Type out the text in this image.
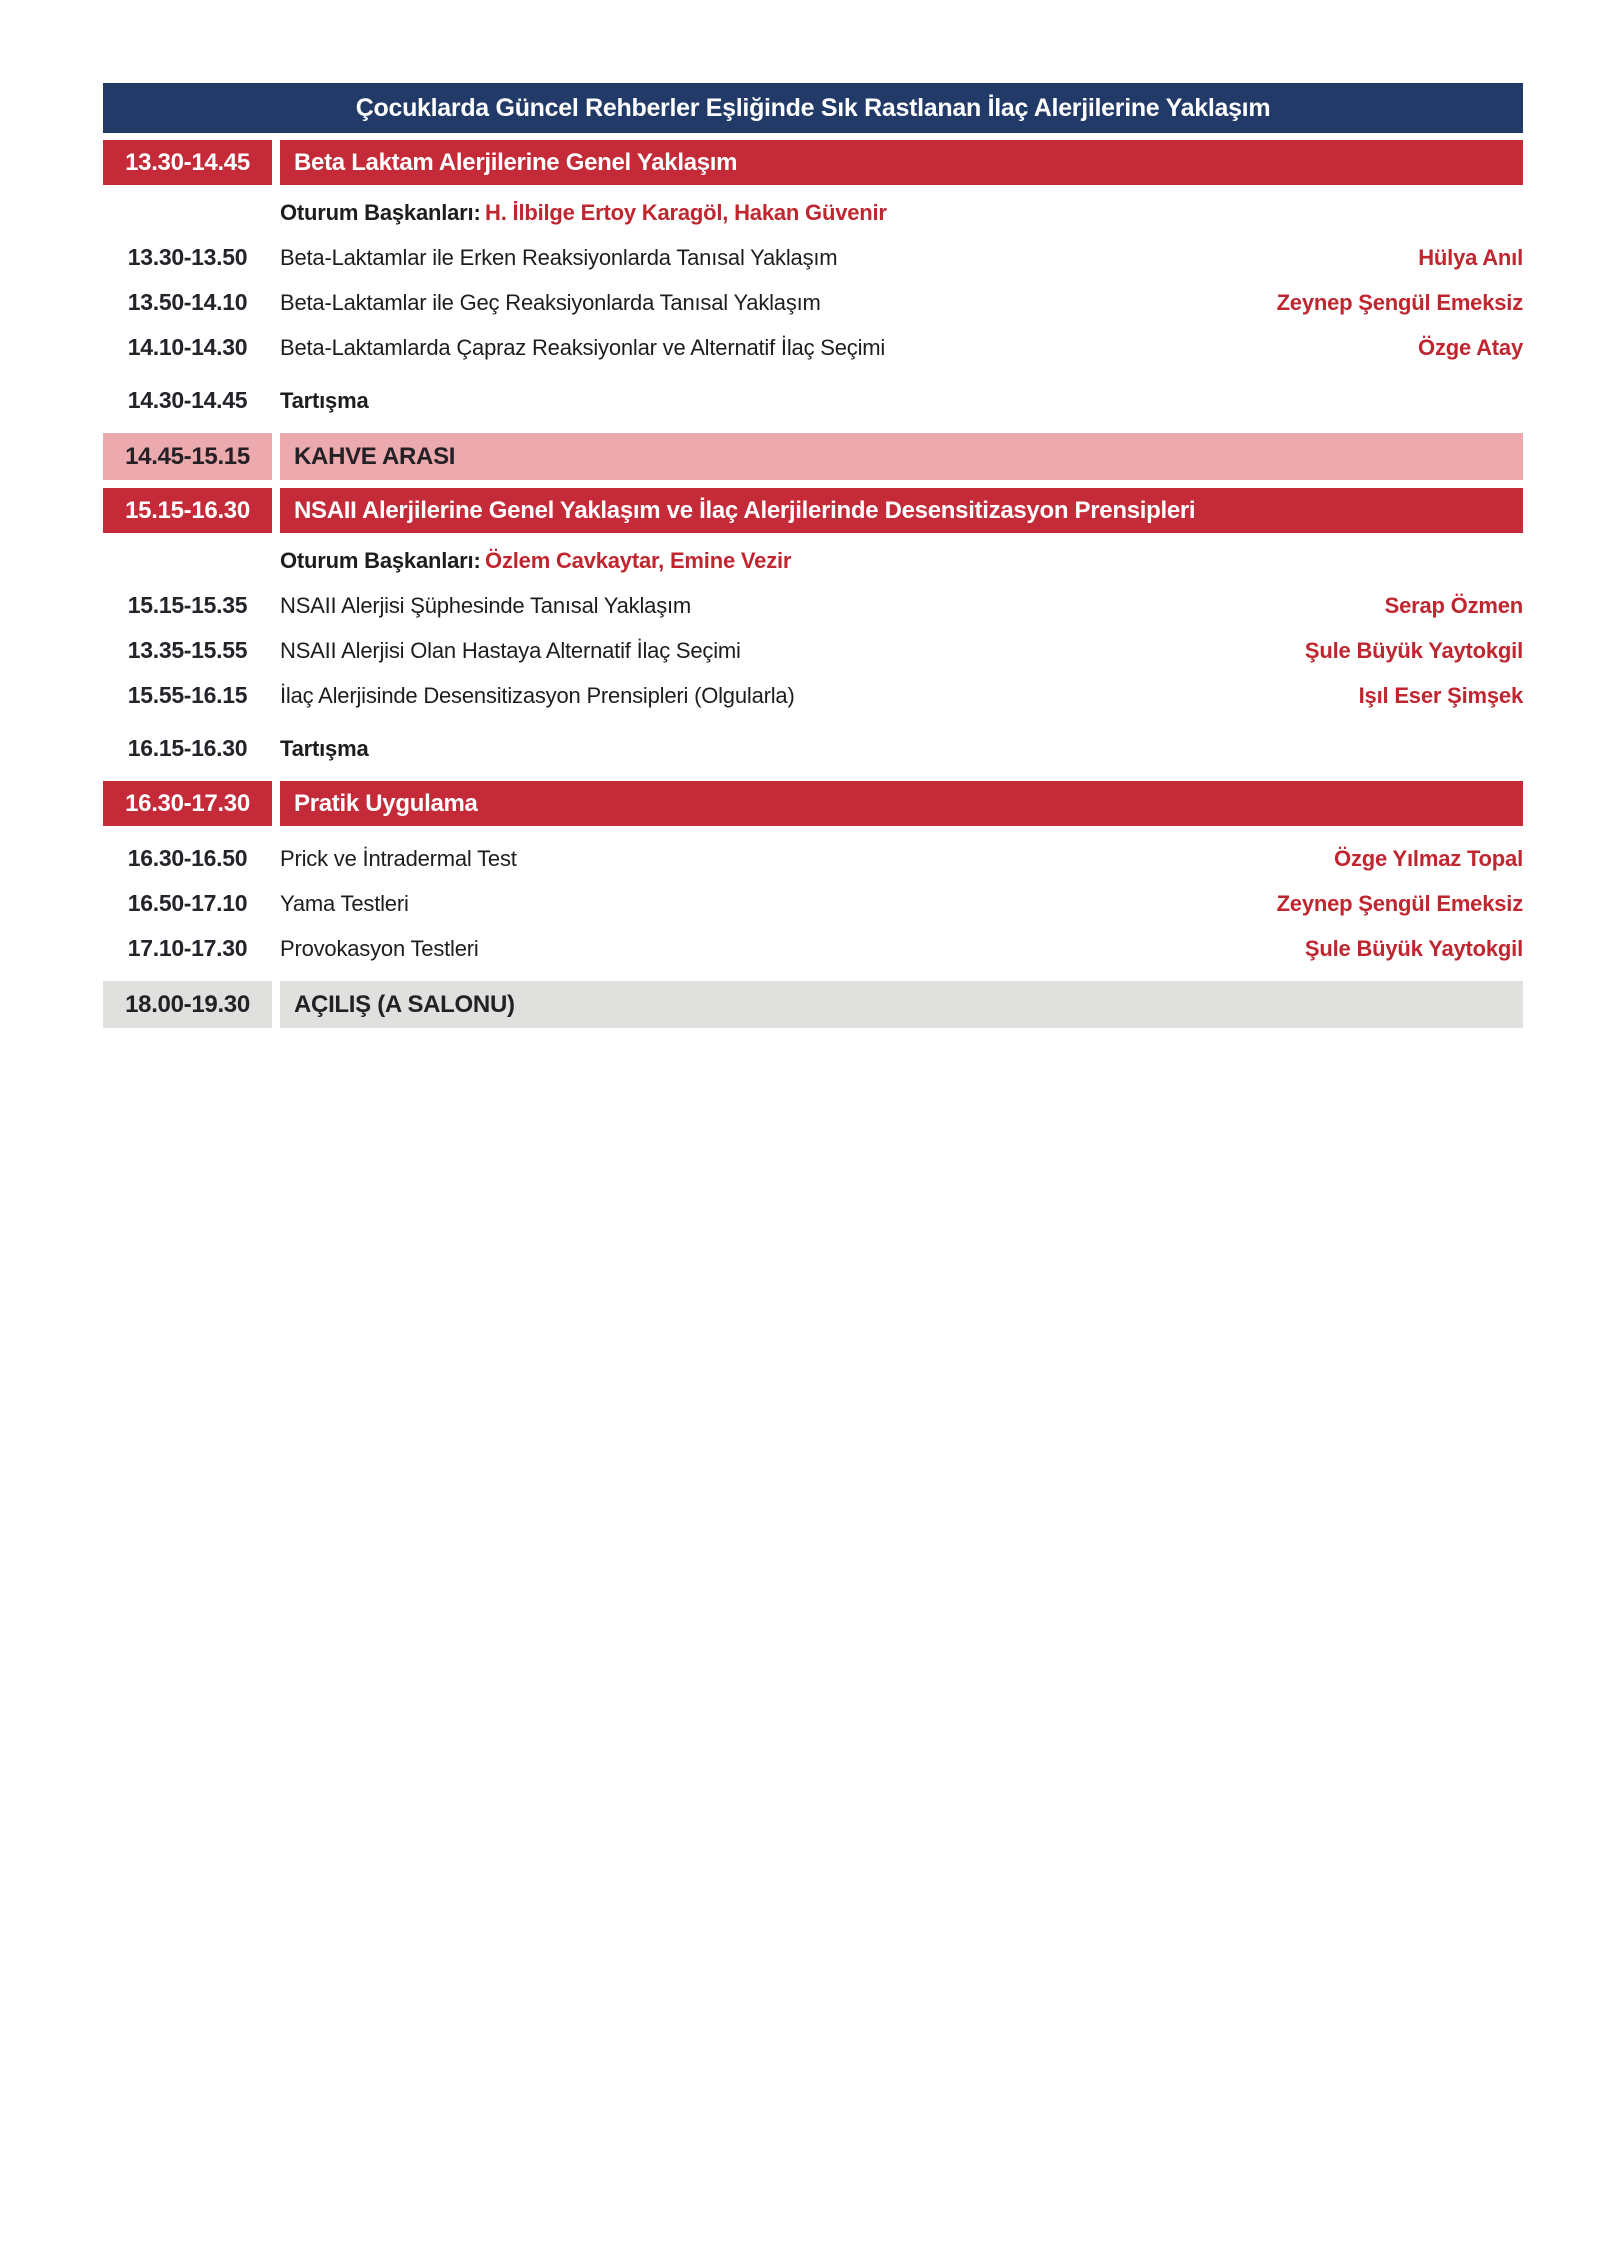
Çocuklarda Güncel Rehberler Eşliğinde Sık Rastlanan İlaç Alerjilerine Yaklaşım
13.30-14.45	Beta Laktam Alerjilerine Genel Yaklaşım
Oturum Başkanları: H. İlbilge Ertoy Karagöl, Hakan Güvenir
13.30-13.50	Beta-Laktamlar ile Erken Reaksiyonlarda Tanısal Yaklaşım	Hülya Anıl
13.50-14.10	Beta-Laktamlar ile Geç Reaksiyonlarda Tanısal Yaklaşım	Zeynep Şengül Emeksiz
14.10-14.30	Beta-Laktamlarda Çapraz Reaksiyonlar ve Alternatif İlaç Seçimi	Özge Atay
14.30-14.45	Tartışma
14.45-15.15	KAHVE ARASI
15.15-16.30	NSAII Alerjilerine Genel Yaklaşım ve İlaç Alerjilerinde Desensitizasyon Prensipleri
Oturum Başkanları: Özlem Cavkaytar, Emine Vezir
15.15-15.35	NSAII Alerjisi Şüphesinde Tanısal Yaklaşım	Serap Özmen
13.35-15.55	NSAII Alerjisi Olan Hastaya Alternatif İlaç Seçimi	Şule Büyük Yaytokgil
15.55-16.15	İlaç Alerjisinde Desensitizasyon Prensipleri (Olgularla)	Işıl Eser Şimşek
16.15-16.30	Tartışma
16.30-17.30	Pratik Uygulama
16.30-16.50	Prick ve İntradermal Test	Özge Yılmaz Topal
16.50-17.10	Yama Testleri	Zeynep Şengül Emeksiz
17.10-17.30	Provokasyon Testleri	Şule Büyük Yaytokgil
18.00-19.30	AÇILIŞ (A SALONU)
